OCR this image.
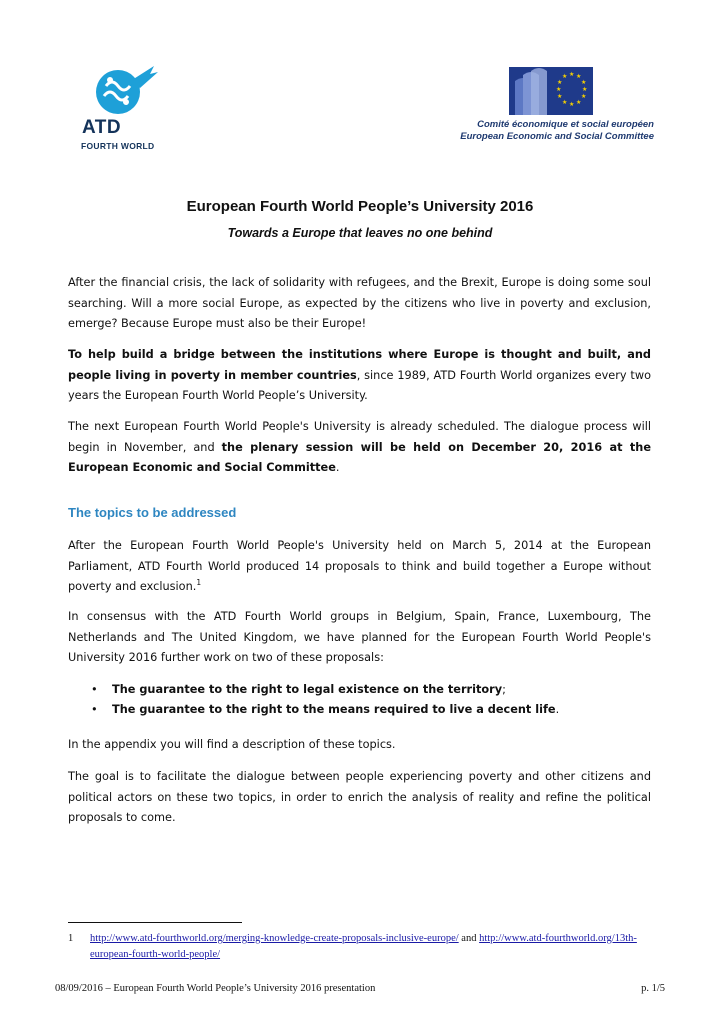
ATD
FOURTH WORLD
★ ★
★
★
★
★
★
★
★
★
★
★
Comité économique et social européen
European Economic and Social Committee
European Fourth World People’s University 2016
Towards a Europe that leaves no one behind
After the financial crisis, the lack of solidarity with refugees, and the Brexit, Europe is doing some soul searching. Will a more social Europe, as expected by the citizens who live in poverty and exclusion, emerge? Because Europe must also be their Europe!
To help build a bridge between the institutions where Europe is thought and built, and people living in poverty in member countries, since 1989, ATD Fourth World organizes every two years the European Fourth World People’s University.
The next European Fourth World People's University is already scheduled. The dialogue process will begin in November, and the plenary session will be held on December 20, 2016 at the European Economic and Social Committee.
The topics to be addressed
After the European Fourth World People's University held on March 5, 2014 at the European Parliament, ATD Fourth World produced 14 proposals to think and build together a Europe without poverty and exclusion.$^1$
In consensus with the ATD Fourth World groups in Belgium, Spain, France, Luxembourg, The Netherlands and The United Kingdom, we have planned for the European Fourth World People's University 2016 further work on two of these proposals:
• The guarantee to the right to legal existence on the territory;
• The guarantee to the right to the means required to live a decent life.
In the appendix you will find a description of these topics.
The goal is to facilitate the dialogue between people experiencing poverty and other citizens and political actors on these two topics, in order to enrich the analysis of reality and refine the political proposals to come.
1 http://www.atd-fourthworld.org/merging-knowledge-create-proposals-inclusive-europe/ and http://www.atd-fourthworld.org/13th-european-fourth-world-people/
08/09/2016 – European Fourth World People’s University 2016 presentation	p. 1/5
